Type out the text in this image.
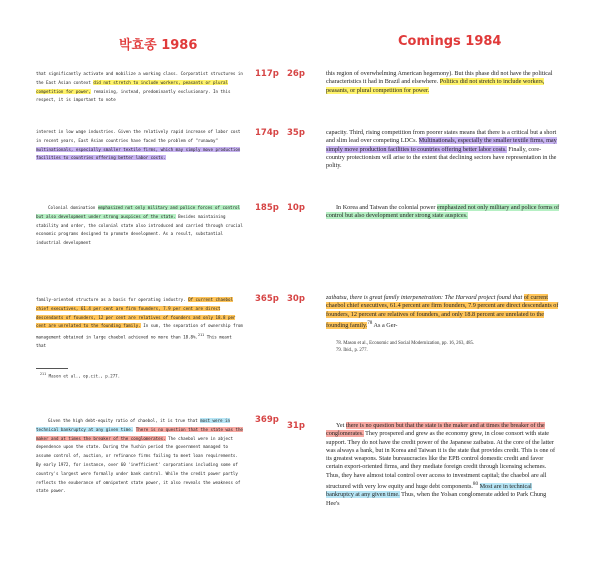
박효종 1986	Comings 1984
117p 26p
174p 35p
185p 10p
365p 30p
369p
31p
that significantly activate and mobilize a working class. Corporatist structures in the East Asian context did not stretch to include workers, peasants or plural competition for power, remaining, instead, predominantly exclusionary. In this respect, it is important to note
interest in low wage industries. Given the relatively rapid increase of labor cost in recent years, East Asian countries have faced the problem of "runaway" multinationals, especially smaller textile firms, which may simply move production facilities to countries offering better labor costs.
Colonial domination emphasized not only military and police forces of control but also development under strong auspices of the state. Besides maintaining stability and order, the colonial state also introduced and carried through crucial economic programs designed to promote development. As a result, substantial industrial development
family-oriented structure as a basis for operating industry. Of current chaebol chief executives, 61.4 per cent are firm founders, 7.9 per cent are direct descendants of founders, 12 per cent are relatives of founders and only 18.8 per cent are unrelated to the founding family. In sum, the separation of ownership from management obtained in large chaebol achieved no more than 18.8%.$^{211}$ This meant that
$^{211}$ Mason et al., op.cit., p.277.
Given the high debt-equity ratio of chaebol, it is true that most were in technical bankruptcy at any given time. There is no question that the state was the maker and at times the breaker of the conglomerates. The chaebol were in abject dependence upon the state. During the Yushin period the government managed to assume control of, auction, or refinance firms failing to meet loan requirements. By early 1972, for instance, over 60 'inefficient' corporations including some of country's largest were formally under bank control. While the credit power partly reflects the exuberance of omnipotent state power, it also reveals the weakness of state power.
this region of overwhelming American hegemony). But this phase did not have the political characteristics it had in Brazil and elsewhere. Politics did not stretch to include workers, peasants, or plural competition for power.
capacity. Third, rising competition from poorer states means that there is a critical but a short and slim lead over competing LDCs. Multinationals, especially the smaller textile firms, may simply move production facilities to countries offering better labor costs. Finally, core-country protectionism will arise to the extent that declining sectors have representation in the polity.
In Korea and Taiwan the colonial power emphasized not only military and police forms of control but also development under strong state auspices.
zaibatsu, there is great family interpenetration: The Harvard project found that of current chaebol chief executives, 61.4 percent are firm founders, 7.9 percent are direct descendants of founders, 12 percent are relatives of founders, and only 18.8 percent are unrelated to the founding family.$^{78}$ As a Ger-
78. Mason et al., Economic and Social Modernization, pp. 16, 263, 485.
79. Ibid., p. 277.
Yet there is no question but that the state is the maker and at times the breaker of the conglomerates. They prospered and grew as the economy grew, in close consort with state support. They do not have the credit power of the Japanese zaibatsu. At the core of the latter was always a bank, but in Korea and Taiwan it is the state that provides credit. This is one of its greatest weapons. State bureaucracies like the EPB control domestic credit and favor certain export-oriented firms, and they mediate foreign credit through licensing schemes. Thus, they have almost total control over access to investment capital; the chaebol are all structured with very low equity and huge debt components.$^{80}$ Most are in technical bankruptcy at any given time. Thus, when the Yolsan conglomerate added to Park Chung Hee's
